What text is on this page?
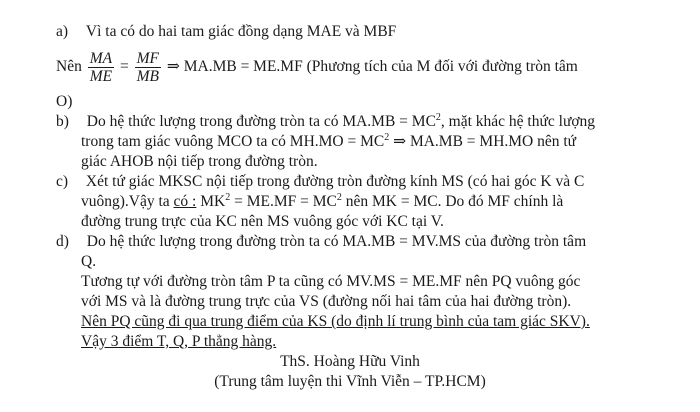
a) Vì ta có do hai tam giác đồng dạng MAE và MBF
Nên $\frac{MA}{ME} = \frac{MF}{MB}$ ⇒ MA.MB = ME.MF (Phương tích của M đối với đường tròn tâm
O)
b) Do hệ thức lượng trong đường tròn ta có $MA.MB = MC^2$, mặt khác hệ thức lượng
trong tam giác vuông MCO ta có $MH.MO = MC^2$ ⇒ MA.MB = MH.MO nên tứ
giác AHOB nội tiếp trong đường tròn.
c) Xét tứ giác MKSC nội tiếp trong đường tròn đường kính MS (có hai góc K và C
vuông).Vậy ta có : $MK^2 = ME.MF = MC^2$ nên MK = MC. Do đó MF chính là
đường trung trực của KC nên MS vuông góc với KC tại V.
d) Do hệ thức lượng trong đường tròn ta có MA.MB = MV.MS của đường tròn tâm
Q.
Tương tự với đường tròn tâm P ta cũng có MV.MS = ME.MF nên PQ vuông góc
với MS và là đường trung trực của VS (đường nối hai tâm của hai đường tròn).
Nên PQ cũng đi qua trung điểm của KS (do định lí trung bình của tam giác SKV).
Vậy 3 điểm T, Q, P thẳng hàng.
ThS. Hoàng Hữu Vinh
(Trung tâm luyện thi Vĩnh Viễn – TP.HCM)
